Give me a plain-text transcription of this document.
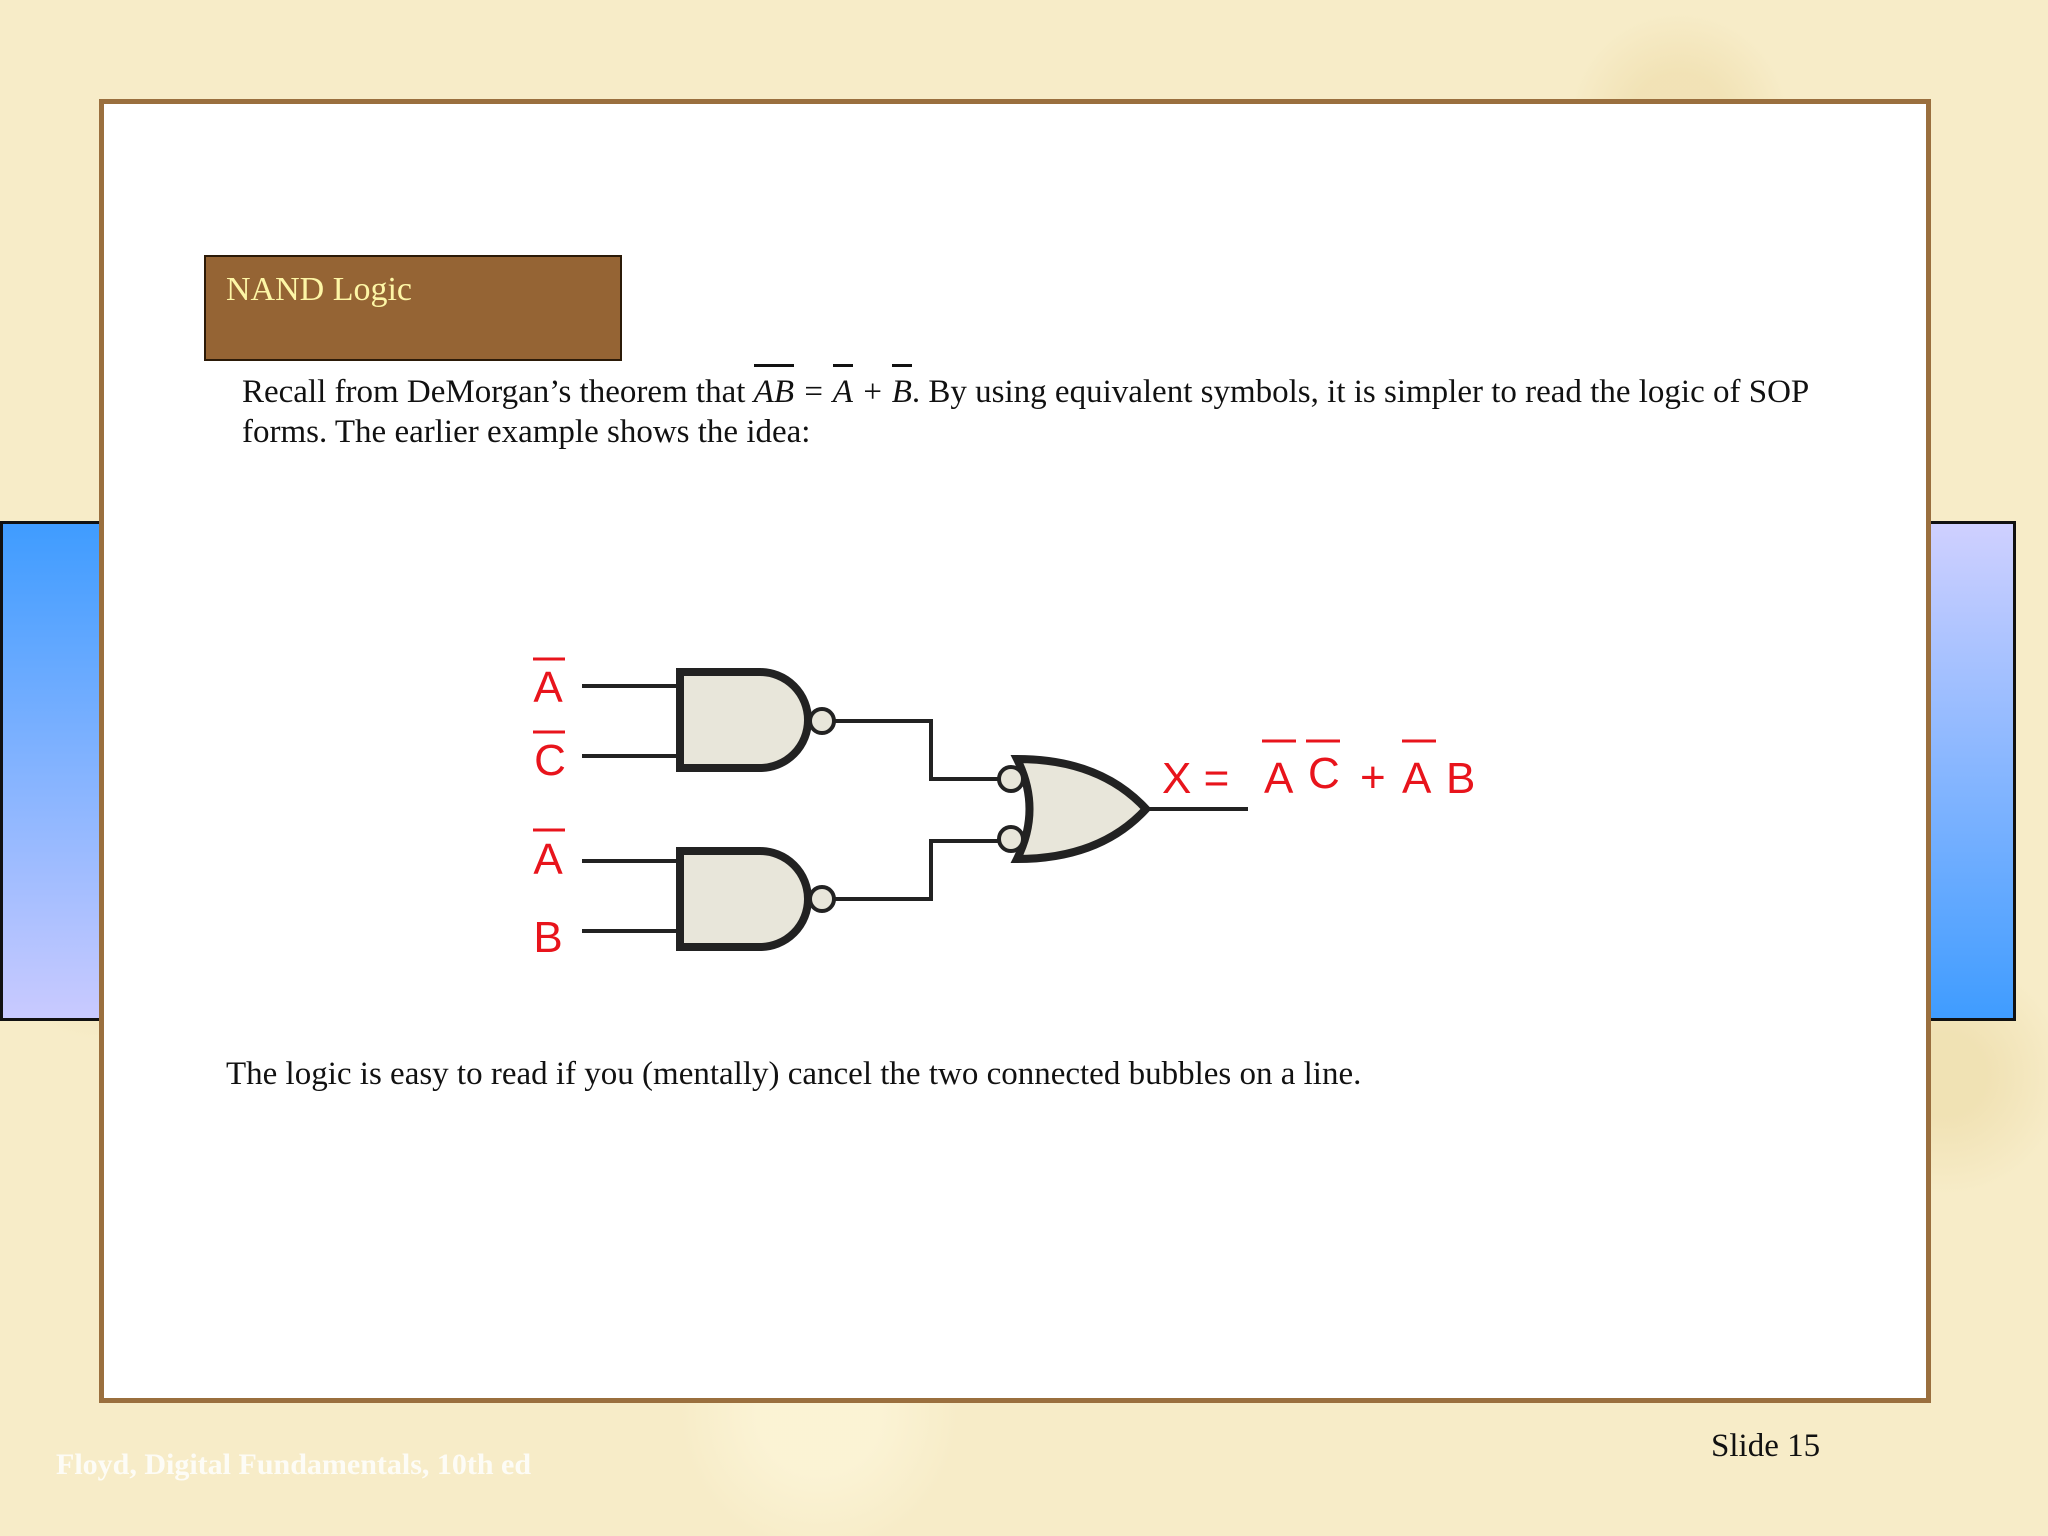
NAND Logic
Recall from DeMorgan’s theorem that AB = A + B. By using equivalent symbols, it is simpler to read the logic of SOP forms. The earlier example shows the idea:
A
C
A
B
X = A C + A B
The logic is easy to read if you (mentally) cancel the two connected bubbles on a line.
Floyd, Digital Fundamentals, 10th ed
Slide 15
